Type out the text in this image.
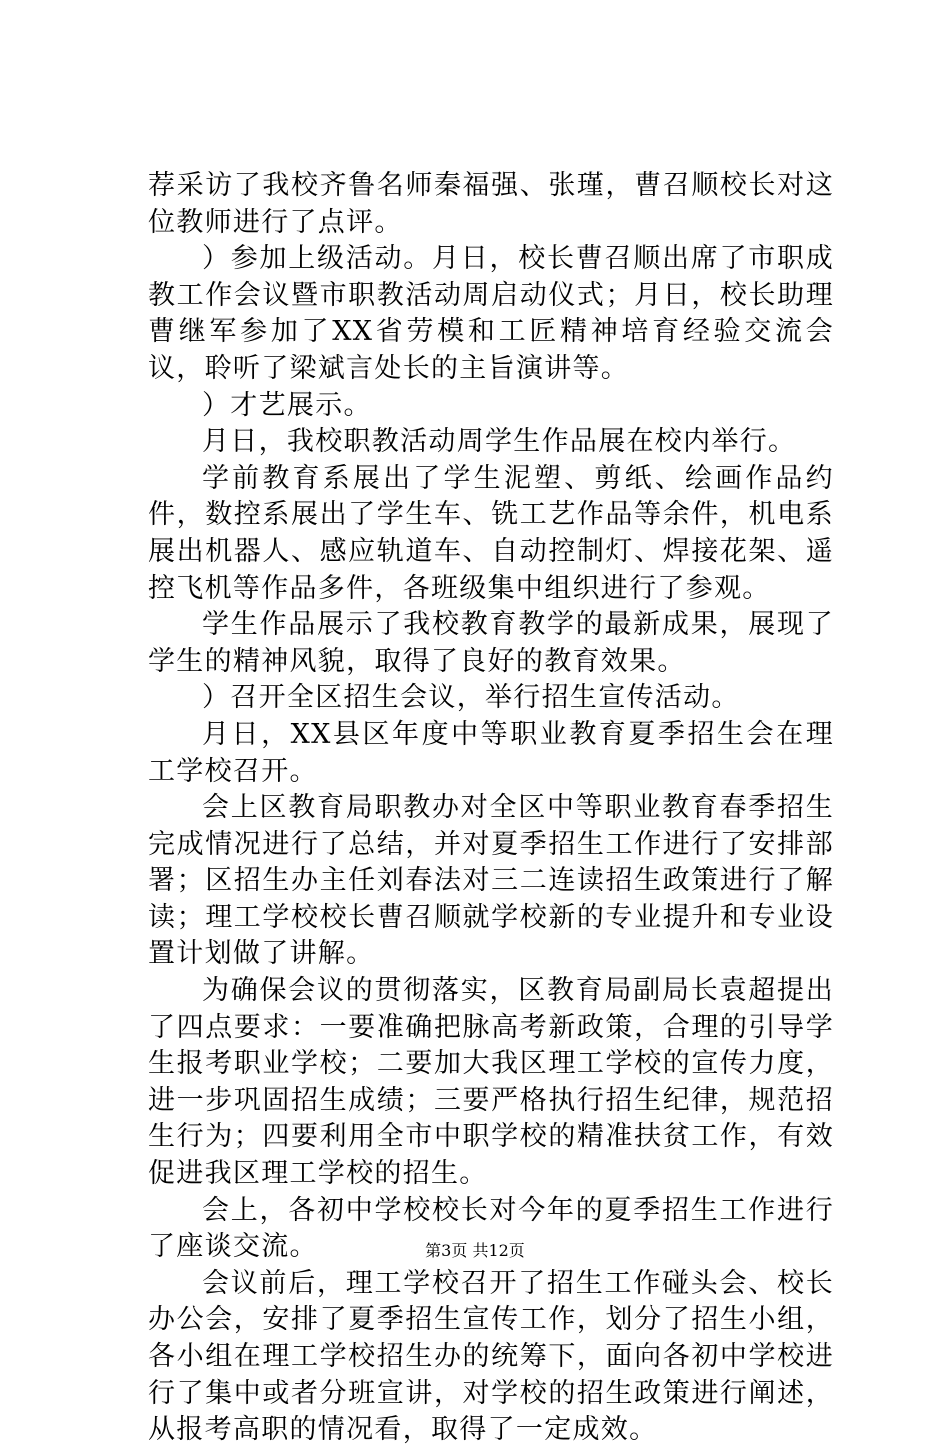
荐采访了我校齐鲁名师秦福强、张瑾，曹召顺校长对这位教师进行了点评。

）参加上级活动。月日，校长曹召顺出席了市职成教工作会议暨市职教活动周启动仪式；月日，校长助理曹继军参加了XX省劳模和工匠精神培育经验交流会议，聆听了梁斌言处长的主旨演讲等。

）才艺展示。

月日，我校职教活动周学生作品展在校内举行。

学前教育系展出了学生泥塑、剪纸、绘画作品约件，数控系展出了学生车、铣工艺作品等余件，机电系展出机器人、感应轨道车、自动控制灯、焊接花架、遥控飞机等作品多件，各班级集中组织进行了参观。

学生作品展示了我校教育教学的最新成果，展现了学生的精神风貌，取得了良好的教育效果。

）召开全区招生会议，举行招生宣传活动。

月日，XX县区年度中等职业教育夏季招生会在理工学校召开。

会上区教育局职教办对全区中等职业教育春季招生完成情况进行了总结，并对夏季招生工作进行了安排部署；区招生办主任刘春法对三二连读招生政策进行了解读；理工学校校长曹召顺就学校新的专业提升和专业设置计划做了讲解。

为确保会议的贯彻落实，区教育局副局长袁超提出了四点要求：一要准确把脉高考新政策，合理的引导学生报考职业学校；二要加大我区理工学校的宣传力度，进一步巩固招生成绩；三要严格执行招生纪律，规范招生行为；四要利用全市中职学校的精准扶贫工作，有效促进我区理工学校的招生。

会上，各初中学校校长对今年的夏季招生工作进行了座谈交流。

会议前后，理工学校召开了招生工作碰头会、校长办公会，安排了夏季招生宣传工作，划分了招生小组，各小组在理工学校招生办的统筹下，面向各初中学校进行了集中或者分班宣讲，对学校的招生政策进行阐述，从报考高职的情况看，取得了一定成效。

第3页 共12页
